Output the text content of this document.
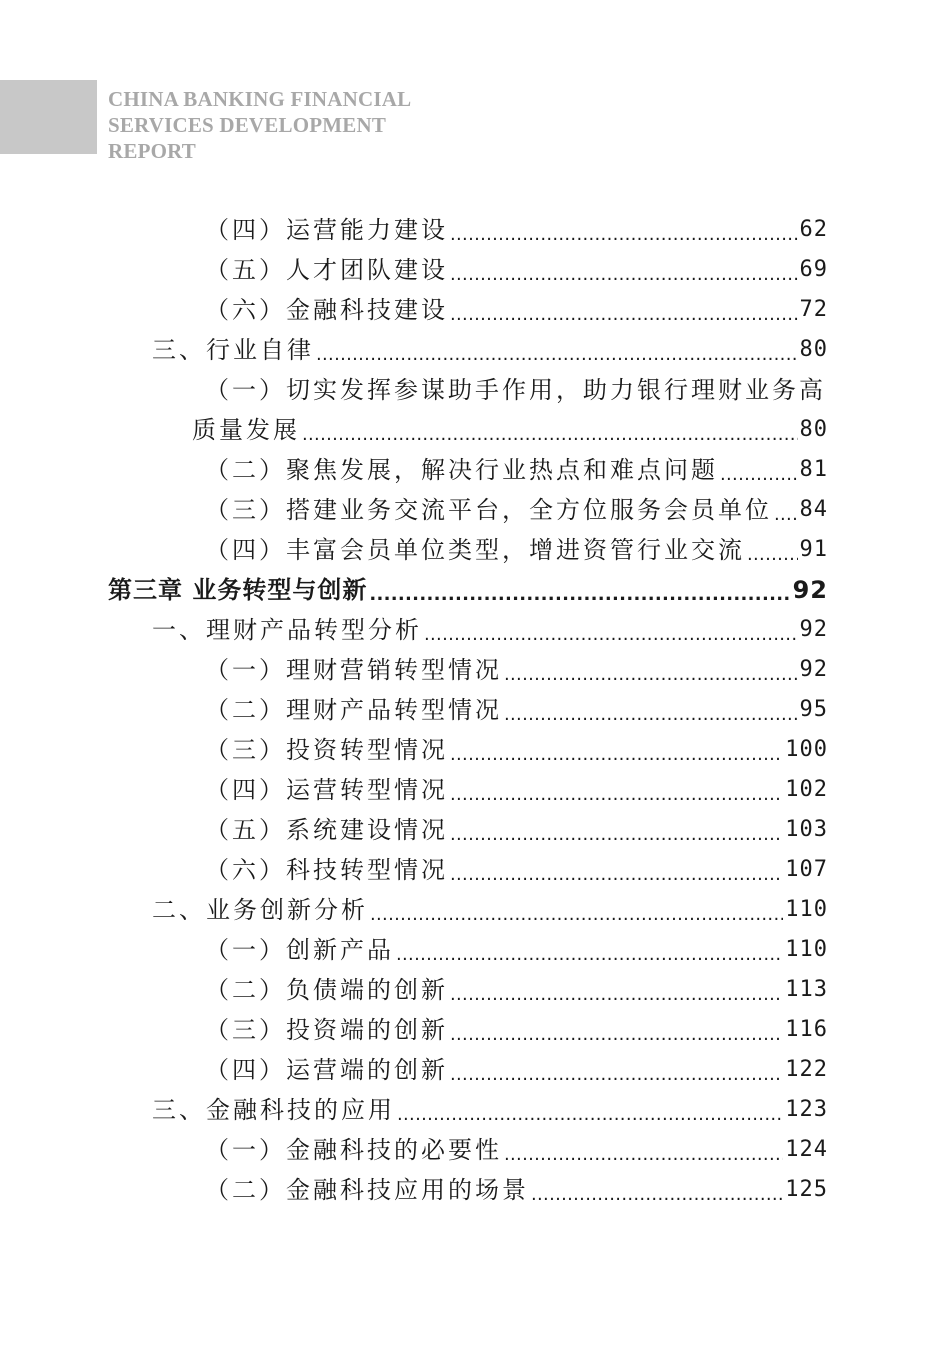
CHINA BANKING FINANCIAL
SERVICES DEVELOPMENT
REPORT
（四）运营能力建设 .....	62
（五）人才团队建设 .....	69
（六）金融科技建设 .....	72
三、行业自律 .....	80
（一）切实发挥参谋助手作用，助力银行理财业务高
质量发展 .....	80
（二）聚焦发展，解决行业热点和难点问题 .....	81
（三）搭建业务交流平台，全方位服务会员单位 ..... 84
（四）丰富会员单位类型，增进资管行业交流 ..... 91
第三章 业务转型与创新 .....	92
一、理财产品转型分析 .....	92
（一）理财营销转型情况 .....	92
（二）理财产品转型情况 .....	95
（三）投资转型情况 .....	100
（四）运营转型情况 .....	102
（五）系统建设情况 .....	103
（六）科技转型情况 .....	107
二、业务创新分析 .....	110
（一）创新产品 .....	110
（二）负债端的创新 .....	113
（三）投资端的创新 .....	116
（四）运营端的创新 .....	122
三、金融科技的应用 .....	123
（一）金融科技的必要性 .....	124
（二）金融科技应用的场景 .....	125
